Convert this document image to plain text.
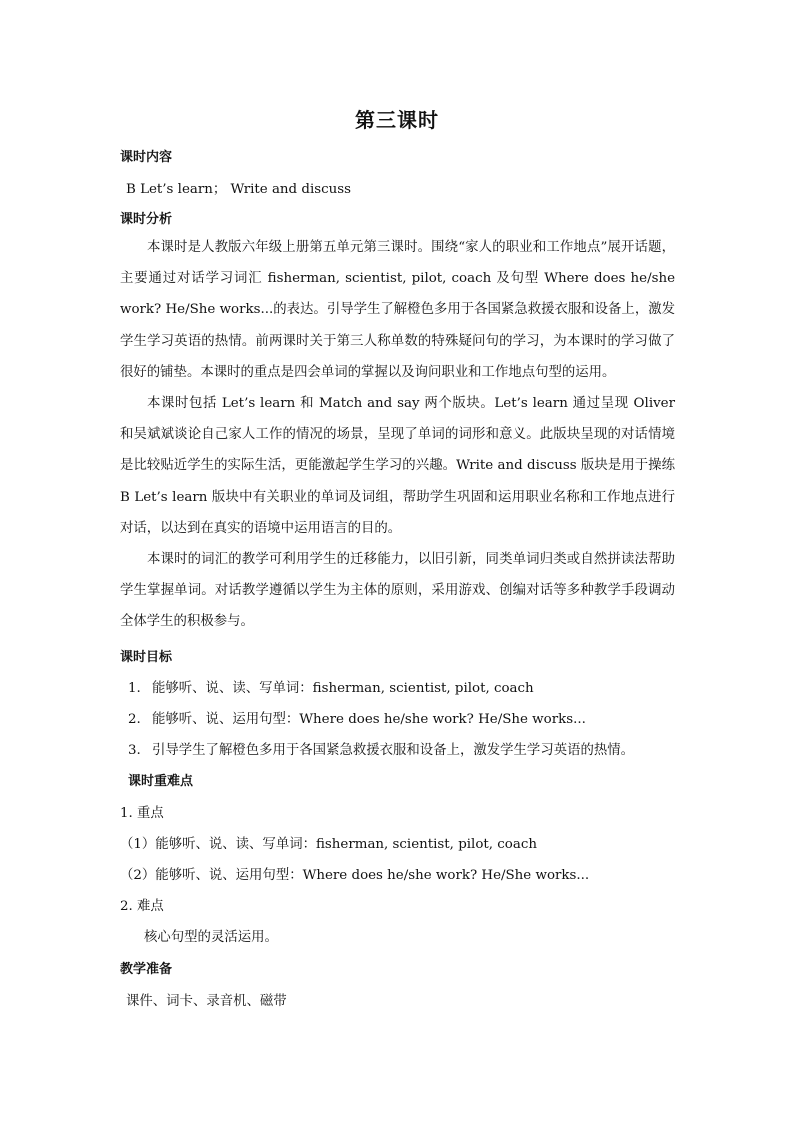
第三课时
课时内容
B Let’s learn； Write and discuss
课时分析

本课时是人教版六年级上册第五单元第三课时。围绕“家人的职业和工作地点”展开话题，主要通过对话学习词汇 fisherman, scientist, pilot, coach 及句型 Where does he/she work? He/She works...的表达。引导学生了解橙色多用于各国紧急救援衣服和设备上，激发学生学习英语的热情。前两课时关于第三人称单数的特殊疑问句的学习，为本课时的学习做了很好的铺垫。本课时的重点是四会单词的掌握以及询问职业和工作地点句型的运用。

本课时包括 Let’s learn 和 Match and say 两个版块。Let’s learn 通过呈现 Oliver 和吴斌斌谈论自己家人工作的情况的场景，呈现了单词的词形和意义。此版块呈现的对话情境是比较贴近学生的实际生活，更能激起学生学习的兴趣。Write and discuss 版块是用于操练 B Let’s learn 版块中有关职业的单词及词组，帮助学生巩固和运用职业名称和工作地点进行对话，以达到在真实的语境中运用语言的目的。

本课时的词汇的教学可利用学生的迁移能力，以旧引新，同类单词归类或自然拼读法帮助学生掌握单词。对话教学遵循以学生为主体的原则，采用游戏、创编对话等多种教学手段调动全体学生的积极参与。

课时目标
1. 能够听、说、读、写单词：fisherman, scientist, pilot, coach
2. 能够听、说、运用句型：Where does he/she work? He/She works...
3. 引导学生了解橙色多用于各国紧急救援衣服和设备上，激发学生学习英语的热情。
课时重难点
1. 重点
（1）能够听、说、读、写单词：fisherman, scientist, pilot, coach
（2）能够听、说、运用句型：Where does he/she work? He/She works...
2. 难点
核心句型的灵活运用。
教学准备
课件、词卡、录音机、磁带
